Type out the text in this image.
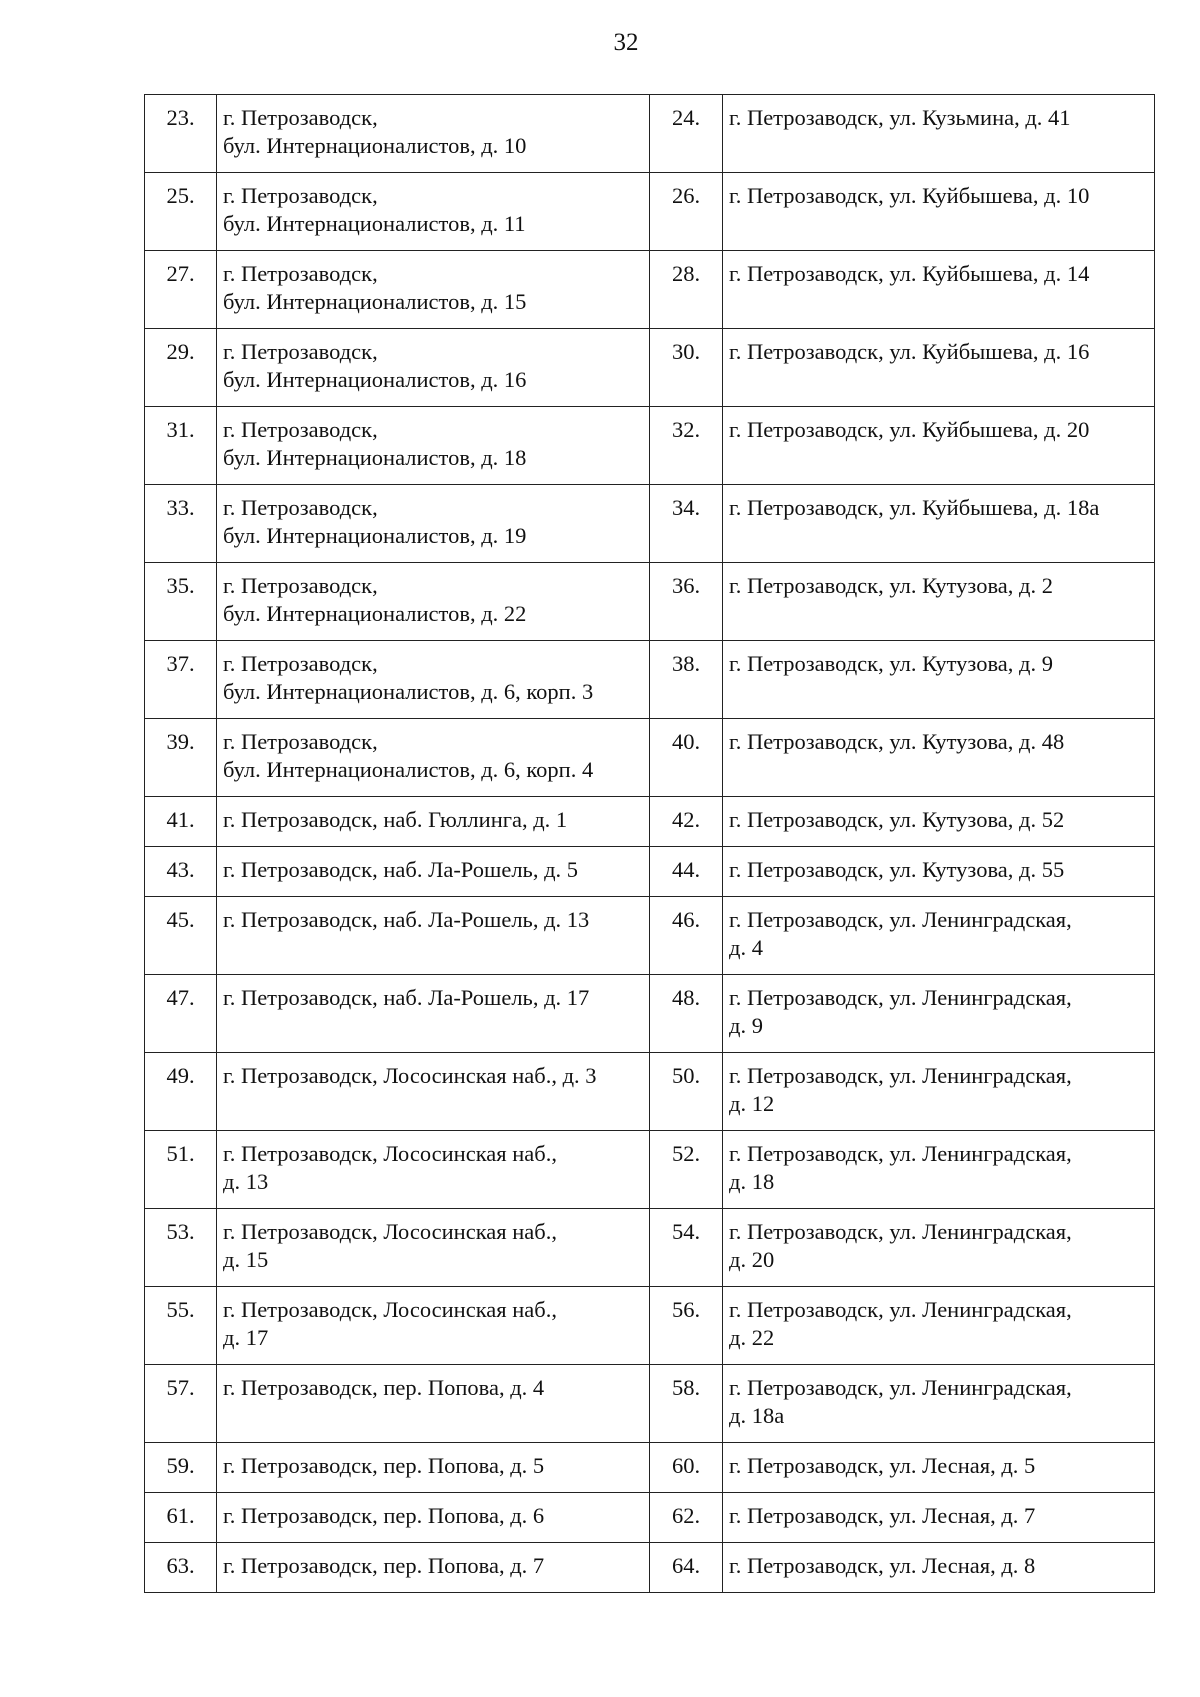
32
23.	г. Петрозаводск,
бул. Интернационалистов, д. 10	24.	г. Петрозаводск, ул. Кузьмина, д. 41
25.	г. Петрозаводск,
бул. Интернационалистов, д. 11	26.	г. Петрозаводск, ул. Куйбышева, д. 10
27.	г. Петрозаводск,
бул. Интернационалистов, д. 15	28.	г. Петрозаводск, ул. Куйбышева, д. 14
29.	г. Петрозаводск,
бул. Интернационалистов, д. 16	30.	г. Петрозаводск, ул. Куйбышева, д. 16
31.	г. Петрозаводск,
бул. Интернационалистов, д. 18	32.	г. Петрозаводск, ул. Куйбышева, д. 20
33.	г. Петрозаводск,
бул. Интернационалистов, д. 19	34.	г. Петрозаводск, ул. Куйбышева, д. 18а
35.	г. Петрозаводск,
бул. Интернационалистов, д. 22	36.	г. Петрозаводск, ул. Кутузова, д. 2
37.	г. Петрозаводск,
бул. Интернационалистов, д. 6, корп. 3	38.	г. Петрозаводск, ул. Кутузова, д. 9
39.	г. Петрозаводск,
бул. Интернационалистов, д. 6, корп. 4	40.	г. Петрозаводск, ул. Кутузова, д. 48
41.	г. Петрозаводск, наб. Гюллинга, д. 1	42.	г. Петрозаводск, ул. Кутузова, д. 52
43.	г. Петрозаводск, наб. Ла-Рошель, д. 5	44.	г. Петрозаводск, ул. Кутузова, д. 55
45.	г. Петрозаводск, наб. Ла-Рошель, д. 13	46.	г. Петрозаводск, ул. Ленинградская,
д. 4
47.	г. Петрозаводск, наб. Ла-Рошель, д. 17	48.	г. Петрозаводск, ул. Ленинградская,
д. 9
49.	г. Петрозаводск, Лососинская наб., д. 3	50.	г. Петрозаводск, ул. Ленинградская,
д. 12
51.	г. Петрозаводск, Лососинская наб.,
д. 13	52.	г. Петрозаводск, ул. Ленинградская,
д. 18
53.	г. Петрозаводск, Лососинская наб.,
д. 15	54.	г. Петрозаводск, ул. Ленинградская,
д. 20
55.	г. Петрозаводск, Лососинская наб.,
д. 17	56.	г. Петрозаводск, ул. Ленинградская,
д. 22
57.	г. Петрозаводск, пер. Попова, д. 4	58.	г. Петрозаводск, ул. Ленинградская,
д. 18а
59.	г. Петрозаводск, пер. Попова, д. 5	60.	г. Петрозаводск, ул. Лесная, д. 5
61.	г. Петрозаводск, пер. Попова, д. 6	62.	г. Петрозаводск, ул. Лесная, д. 7
63.	г. Петрозаводск, пер. Попова, д. 7	64.	г. Петрозаводск, ул. Лесная, д. 8
